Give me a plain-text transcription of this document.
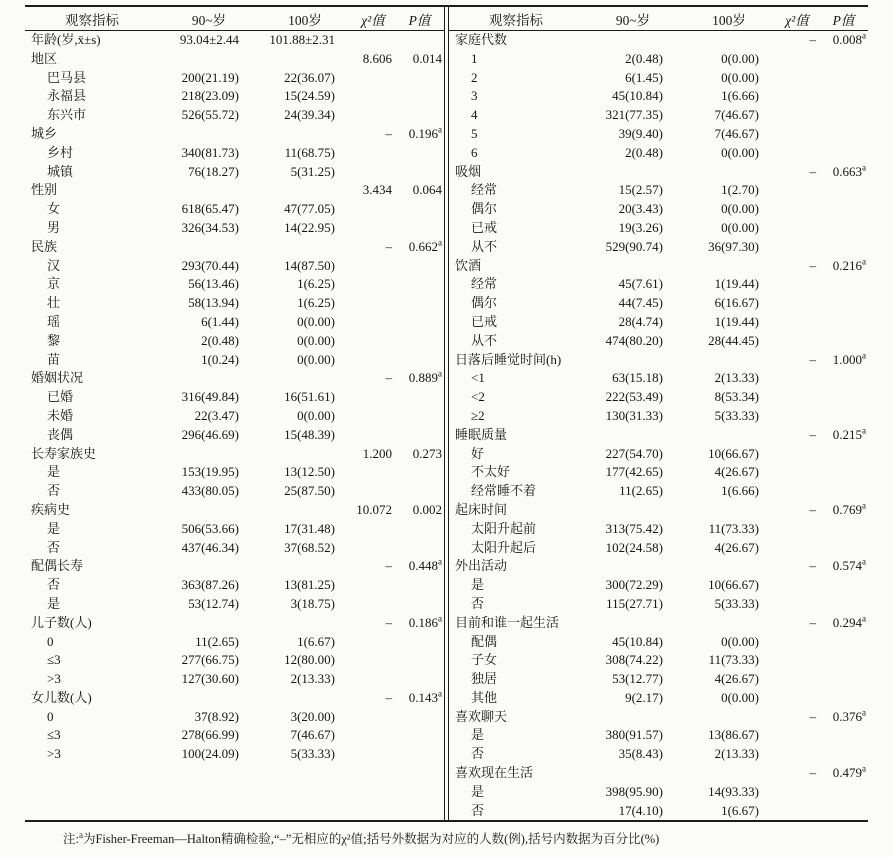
观察指标	90~岁	100岁	χ²值	P值
年龄(岁,x̄±s)	93.04±2.44	101.88±2.31		
地区			8.606	0.014
巴马县	200(21.19)	22(36.07)		
永福县	218(23.09)	15(24.59)		
东兴市	526(55.72)	24(39.34)		
城乡			–	0.196$^a$
乡村	340(81.73)	11(68.75)		
城镇	76(18.27)	5(31.25)		
性别			3.434	0.064
女	618(65.47)	47(77.05)		
男	326(34.53)	14(22.95)		
民族			–	0.662$^a$
汉	293(70.44)	14(87.50)		
京	56(13.46)	1(6.25)		
壮	58(13.94)	1(6.25)		
瑶	6(1.44)	0(0.00)		
黎	2(0.48)	0(0.00)		
苗	1(0.24)	0(0.00)		
婚姻状况			–	0.889$^a$
已婚	316(49.84)	16(51.61)		
未婚	22(3.47)	0(0.00)		
丧偶	296(46.69)	15(48.39)		
长寿家族史			1.200	0.273
是	153(19.95)	13(12.50)		
否	433(80.05)	25(87.50)		
疾病史			10.072	0.002
是	506(53.66)	17(31.48)		
否	437(46.34)	37(68.52)		
配偶长寿			–	0.448$^a$
否	363(87.26)	13(81.25)		
是	53(12.74)	3(18.75)		
儿子数(人)			–	0.186$^a$
0	11(2.65)	1(6.67)		
≤3	277(66.75)	12(80.00)		
>3	127(30.60)	2(13.33)		
女儿数(人)			–	0.143$^a$
0	37(8.92)	3(20.00)		
≤3	278(66.99)	7(46.67)		
>3	100(24.09)	5(33.33)		

观察指标	90~岁	100岁	χ²值	P值
家庭代数			–	0.008$^a$
1	2(0.48)	0(0.00)		
2	6(1.45)	0(0.00)		
3	45(10.84)	1(6.66)		
4	321(77.35)	7(46.67)		
5	39(9.40)	7(46.67)		
6	2(0.48)	0(0.00)		
吸烟			–	0.663$^a$
经常	15(2.57)	1(2.70)		
偶尔	20(3.43)	0(0.00)		
已戒	19(3.26)	0(0.00)		
从不	529(90.74)	36(97.30)		
饮酒			–	0.216$^a$
经常	45(7.61)	1(19.44)		
偶尔	44(7.45)	6(16.67)		
已戒	28(4.74)	1(19.44)		
从不	474(80.20)	28(44.45)		
日落后睡觉时间(h)			–	1.000$^a$
<1	63(15.18)	2(13.33)		
<2	222(53.49)	8(53.34)		
≥2	130(31.33)	5(33.33)		
睡眠质量			–	0.215$^a$
好	227(54.70)	10(66.67)		
不太好	177(42.65)	4(26.67)		
经常睡不着	11(2.65)	1(6.66)		
起床时间			–	0.769$^a$
太阳升起前	313(75.42)	11(73.33)		
太阳升起后	102(24.58)	4(26.67)		
外出活动			–	0.574$^a$
是	300(72.29)	10(66.67)		
否	115(27.71)	5(33.33)		
目前和谁一起生活			–	0.294$^a$
配偶	45(10.84)	0(0.00)		
子女	308(74.22)	11(73.33)		
独居	53(12.77)	4(26.67)		
其他	9(2.17)	0(0.00)		
喜欢聊天			–	0.376$^a$
是	380(91.57)	13(86.67)		
否	35(8.43)	2(13.33)		
喜欢现在生活			–	0.479$^a$
是	398(95.90)	14(93.33)		
否	17(4.10)	1(6.67)		
注:$^a$为Fisher-Freeman—Halton精确检验,“–”无相应的χ²值;括号外数据为对应的人数(例),括号内数据为百分比(%)
